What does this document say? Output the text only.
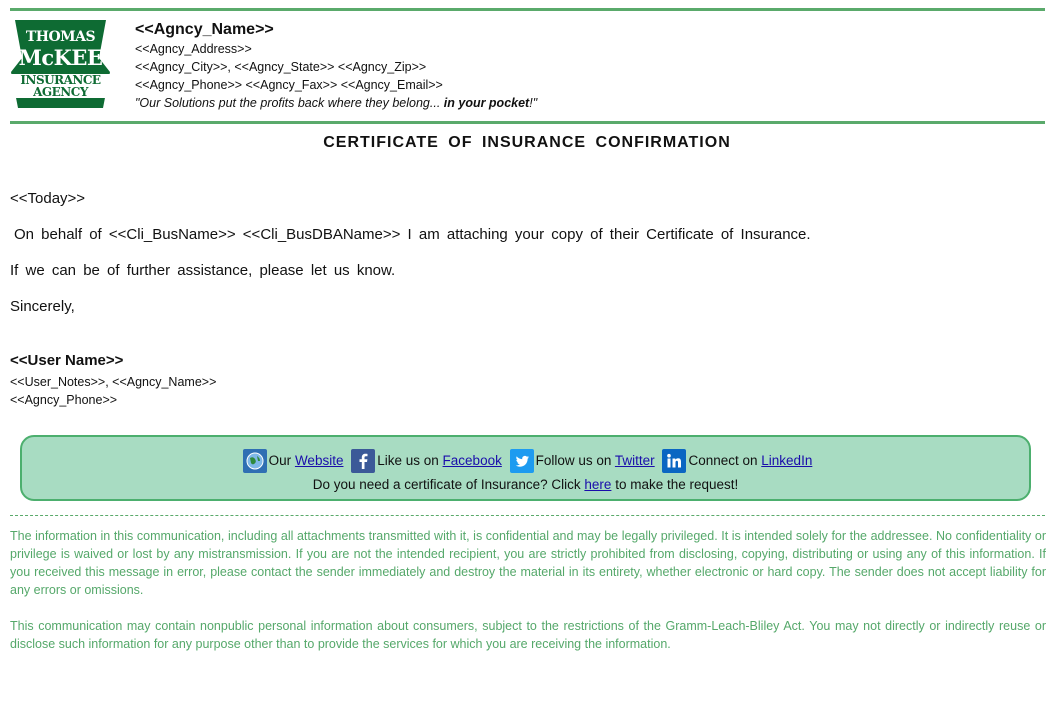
THOMAS
McKEE
INSURANCE AGENCY
<<Agncy_Name>>
<<Agncy_Address>>
<<Agncy_City>>, <<Agncy_State>> <<Agncy_Zip>>
<<Agncy_Phone>> <<Agncy_Fax>> <<Agncy_Email>>
"Our Solutions put the profits back where they belong... in your pocket!"
CERTIFICATE OF INSURANCE CONFIRMATION
<<Today>>
On behalf of <<Cli_BusName>> <<Cli_BusDBAName>> I am attaching your copy of their Certificate of Insurance.
If we can be of further assistance, please let us know.
Sincerely,
<<User Name>>
<<User_Notes>>, <<Agncy_Name>>
<<Agncy_Phone>>
Our Website	Like us on Facebook	Follow us on Twitter	Connect on LinkedIn
Do you need a certificate of Insurance? Click here to make the request!
The information in this communication, including all attachments transmitted with it, is confidential and may be legally privileged. It is intended solely for the addressee. No confidentiality or privilege is waived or lost by any mistransmission. If you are not the intended recipient, you are strictly prohibited from disclosing, copying, distributing or using any of this information. If you received this message in error, please contact the sender immediately and destroy the material in its entirety, whether electronic or hard copy. The sender does not accept liability for any errors or omissions.
This communication may contain nonpublic personal information about consumers, subject to the restrictions of the Gramm-Leach-Bliley Act. You may not directly or indirectly reuse or disclose such information for any purpose other than to provide the services for which you are receiving the information.
